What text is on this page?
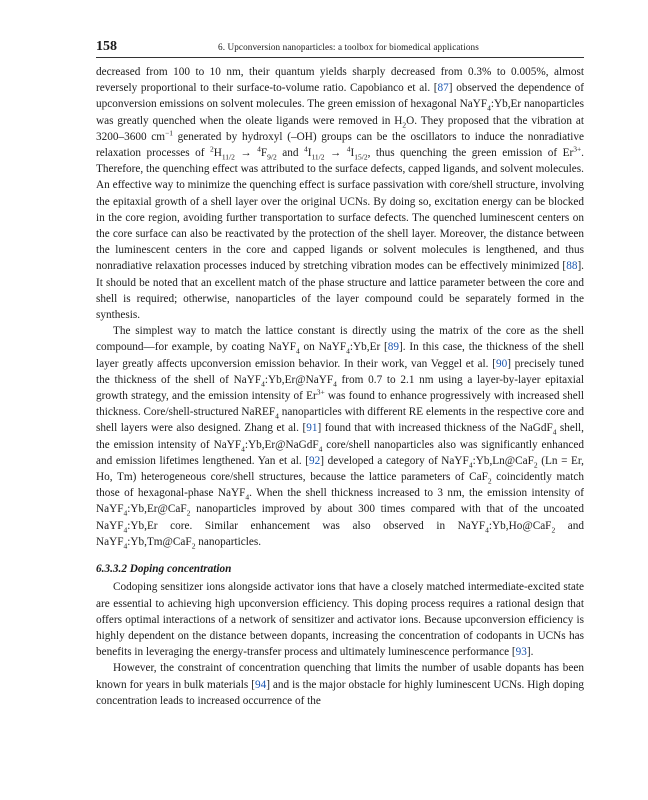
158	6. Upconversion nanoparticles: a toolbox for biomedical applications

decreased from 100 to 10 nm, their quantum yields sharply decreased from 0.3% to 0.005%, almost reversely proportional to their surface-to-volume ratio. Capobianco et al. [87] observed the dependence of upconversion emissions on solvent molecules. The green emission of hexagonal NaYF$_4$:Yb,Er nanoparticles was greatly quenched when the oleate ligands were removed in $H_2O$. They proposed that the vibration at 3200–3600 $cm^{-1}$ generated by hydroxyl (–OH) groups can be the oscillators to induce the nonradiative relaxation processes of $^2H_{11/2} \to ^4F_{9/2}$ and $^4I_{11/2} \to ^4I_{15/2}$, thus quenching the green emission of $Er^{3+}$. Therefore, the quenching effect was attributed to the surface defects, capped ligands, and solvent molecules. An effective way to minimize the quenching effect is surface passivation with core/shell structure, involving the epitaxial growth of a shell layer over the original UCNs. By doing so, excitation energy can be blocked in the core region, avoiding further transportation to surface defects. The quenched luminescent centers on the core surface can also be reactivated by the protection of the shell layer. Moreover, the distance between the luminescent centers in the core and capped ligands or solvent molecules is lengthened, and thus nonradiative relaxation processes induced by stretching vibration modes can be effectively minimized [88]. It should be noted that an excellent match of the phase structure and lattice parameter between the core and shell is required; otherwise, nanoparticles of the layer compound could be separately formed in the synthesis.

The simplest way to match the lattice constant is directly using the matrix of the core as the shell compound—for example, by coating NaYF$_4$ on NaYF$_4$:Yb,Er [89]. In this case, the thickness of the shell layer greatly affects upconversion emission behavior. In their work, van Veggel et al. [90] precisely tuned the thickness of the shell of NaYF$_4$:Yb,Er@NaYF$_4$ from 0.7 to 2.1 nm using a layer-by-layer epitaxial growth strategy, and the emission intensity of $Er^{3+}$ was found to enhance progressively with increased shell thickness. Core/shell-structured NaREF$_4$ nanoparticles with different RE elements in the respective core and shell layers were also designed. Zhang et al. [91] found that with increased thickness of the NaGdF$_4$ shell, the emission intensity of NaYF$_4$:Yb,Er@NaGdF$_4$ core/shell nanoparticles also was significantly enhanced and emission lifetimes lengthened. Yan et al. [92] developed a category of NaYF$_4$:Yb,Ln@CaF$_2$ (Ln = Er, Ho, Tm) heterogeneous core/shell structures, because the lattice parameters of CaF$_2$ coincidently match those of hexagonal-phase NaYF$_4$. When the shell thickness increased to 3 nm, the emission intensity of NaYF$_4$:Yb,Er@CaF$_2$ nanoparticles improved by about 300 times compared with that of the uncoated NaYF$_4$:Yb,Er core. Similar enhancement was also observed in NaYF$_4$:Yb,Ho@CaF$_2$ and NaYF$_4$:Yb,Tm@CaF$_2$ nanoparticles.

6.3.3.2 Doping concentration

Codoping sensitizer ions alongside activator ions that have a closely matched intermediate-excited state are essential to achieving high upconversion efficiency. This doping process requires a rational design that offers optimal interactions of a network of sensitizer and activator ions. Because upconversion efficiency is highly dependent on the distance between dopants, increasing the concentration of codopants in UCNs has benefits in leveraging the energy-transfer process and ultimately luminescence performance [93].

However, the constraint of concentration quenching that limits the number of usable dopants has been known for years in bulk materials [94] and is the major obstacle for highly luminescent UCNs. High doping concentration leads to increased occurrence of the
